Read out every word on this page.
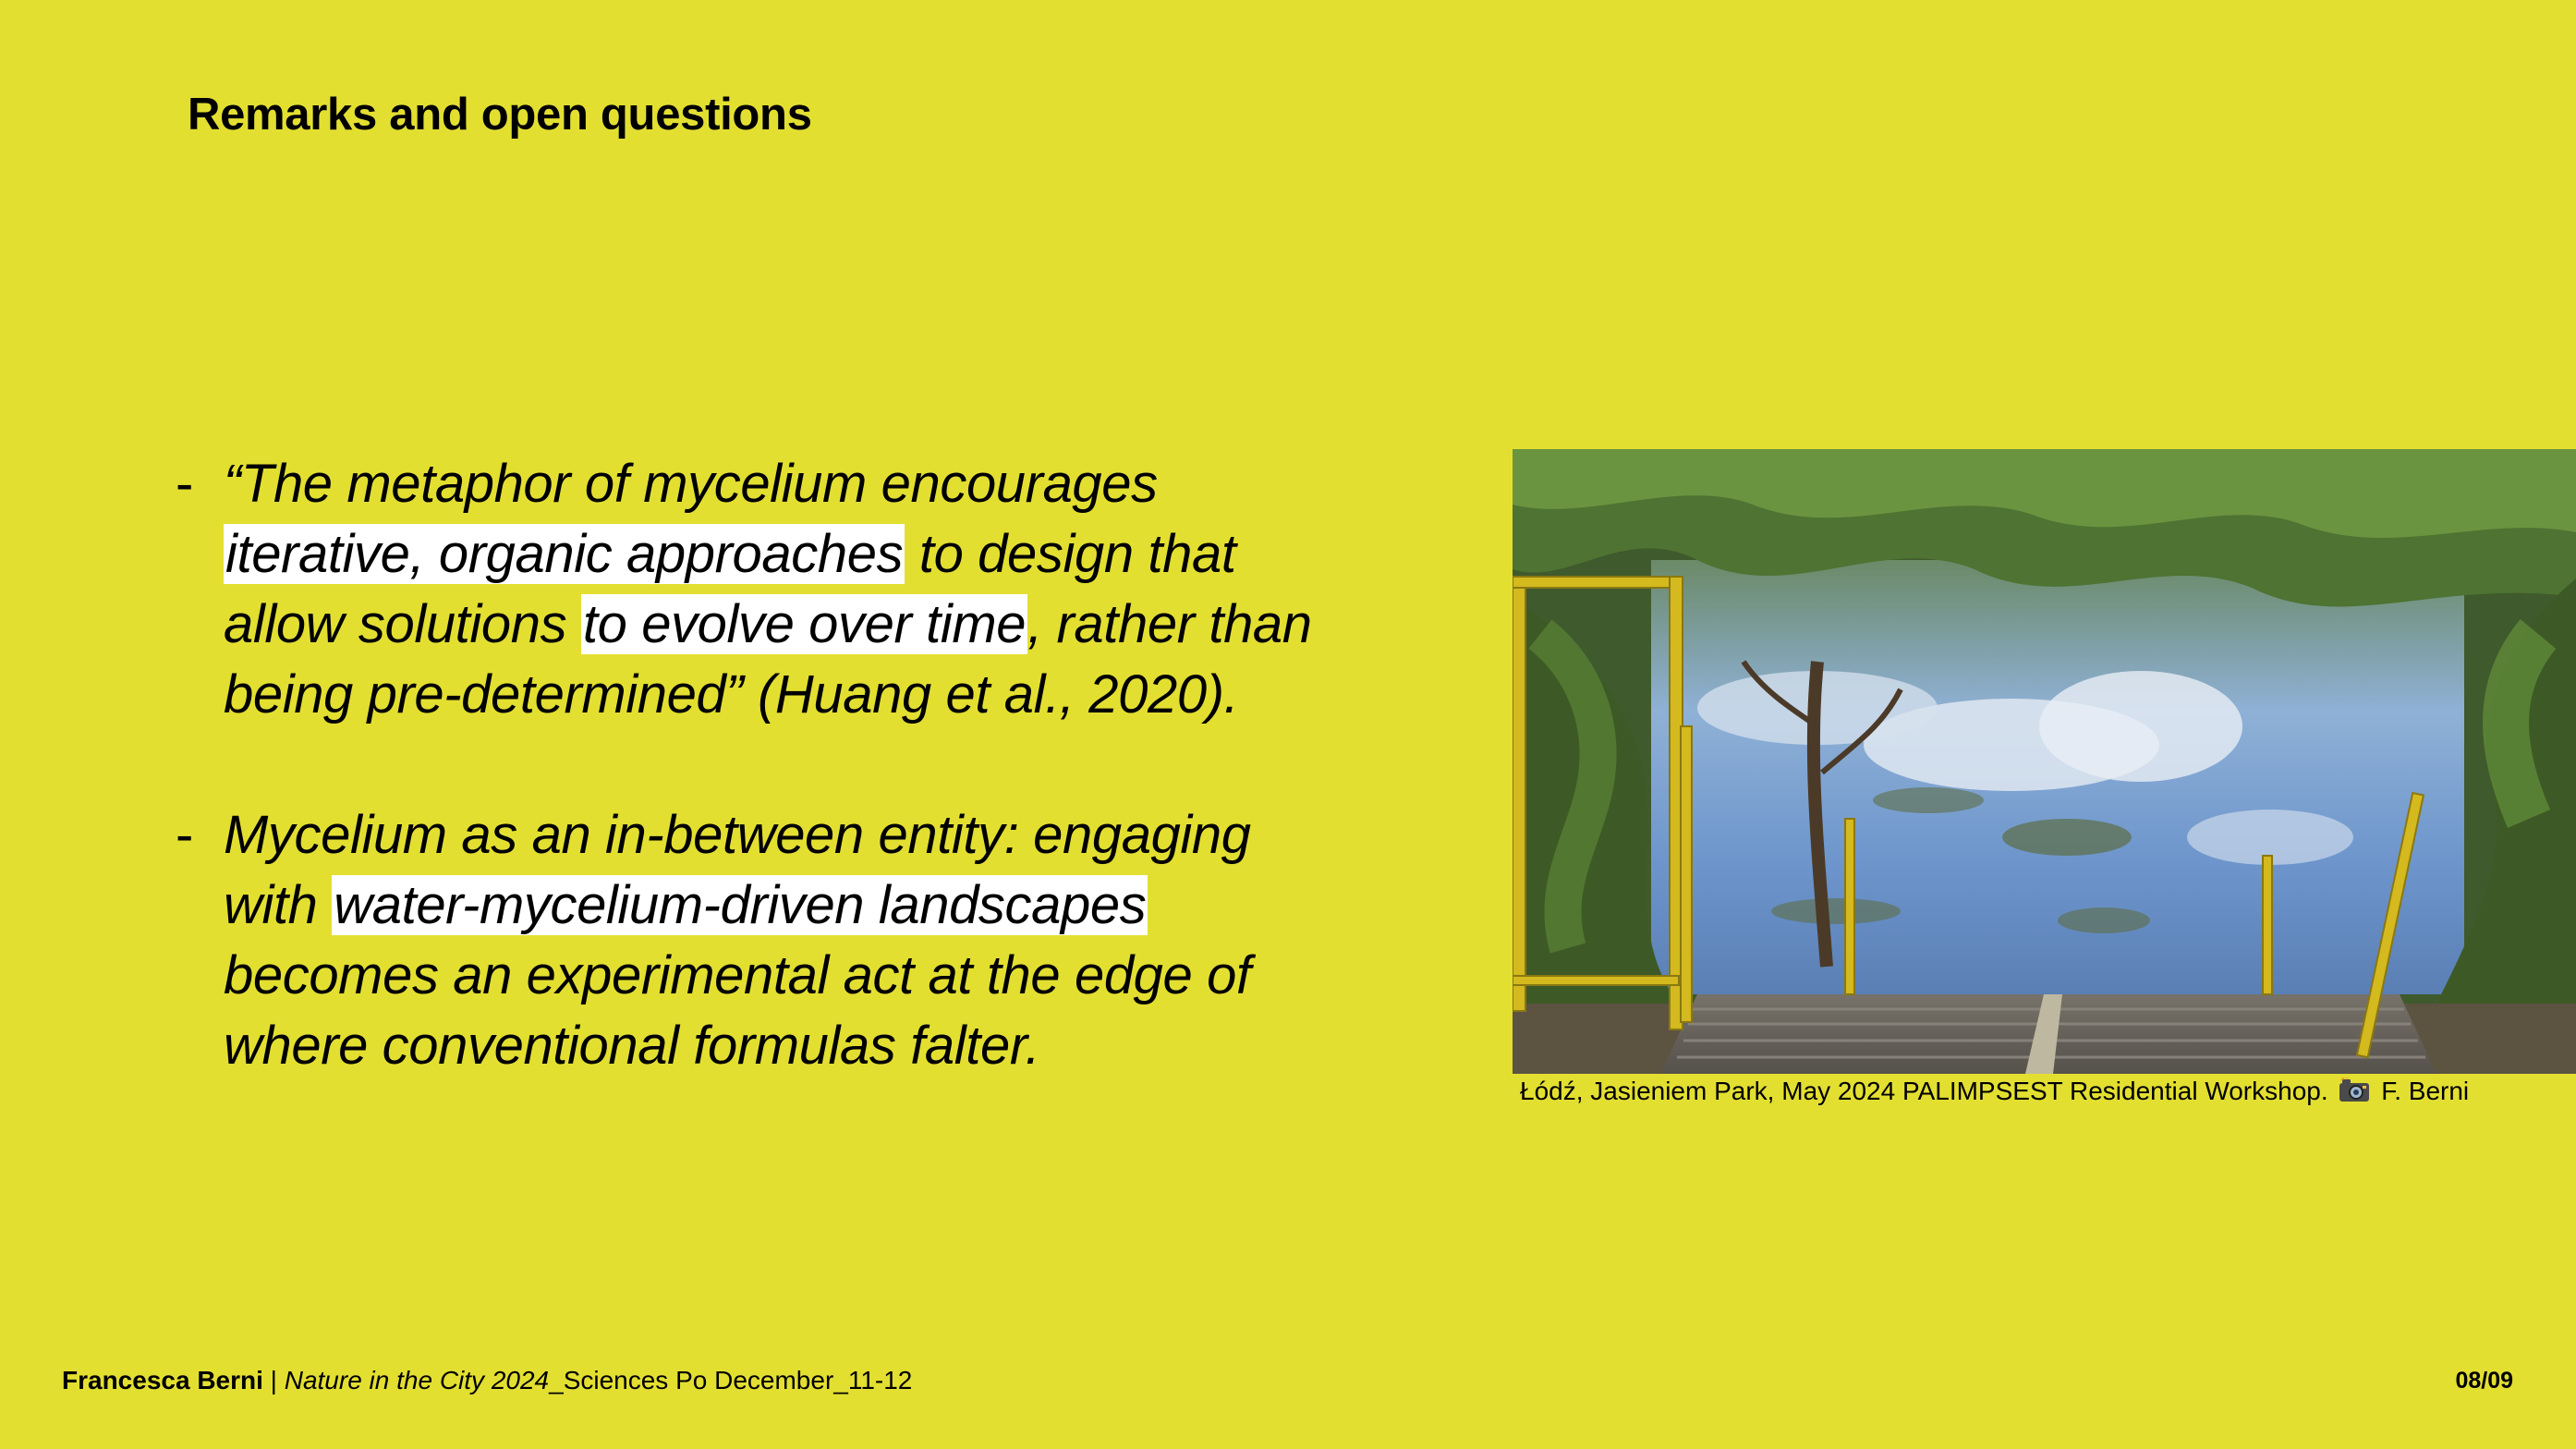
Remarks and open questions
- “The metaphor of mycelium encourages
iterative, organic approaches to design that
allow solutions to evolve over time, rather than
being pre-determined” (Huang et al., 2020).
- Mycelium as an in-between entity: engaging
with water-mycelium-driven landscapes
becomes an experimental act at the edge of
where conventional formulas falter.
Łódź, Jasieniem Park, May 2024 PALIMPSEST Residential Workshop. F. Berni
Francesca Berni | Nature in the City 2024_Sciences Po December_11-12	08/09
